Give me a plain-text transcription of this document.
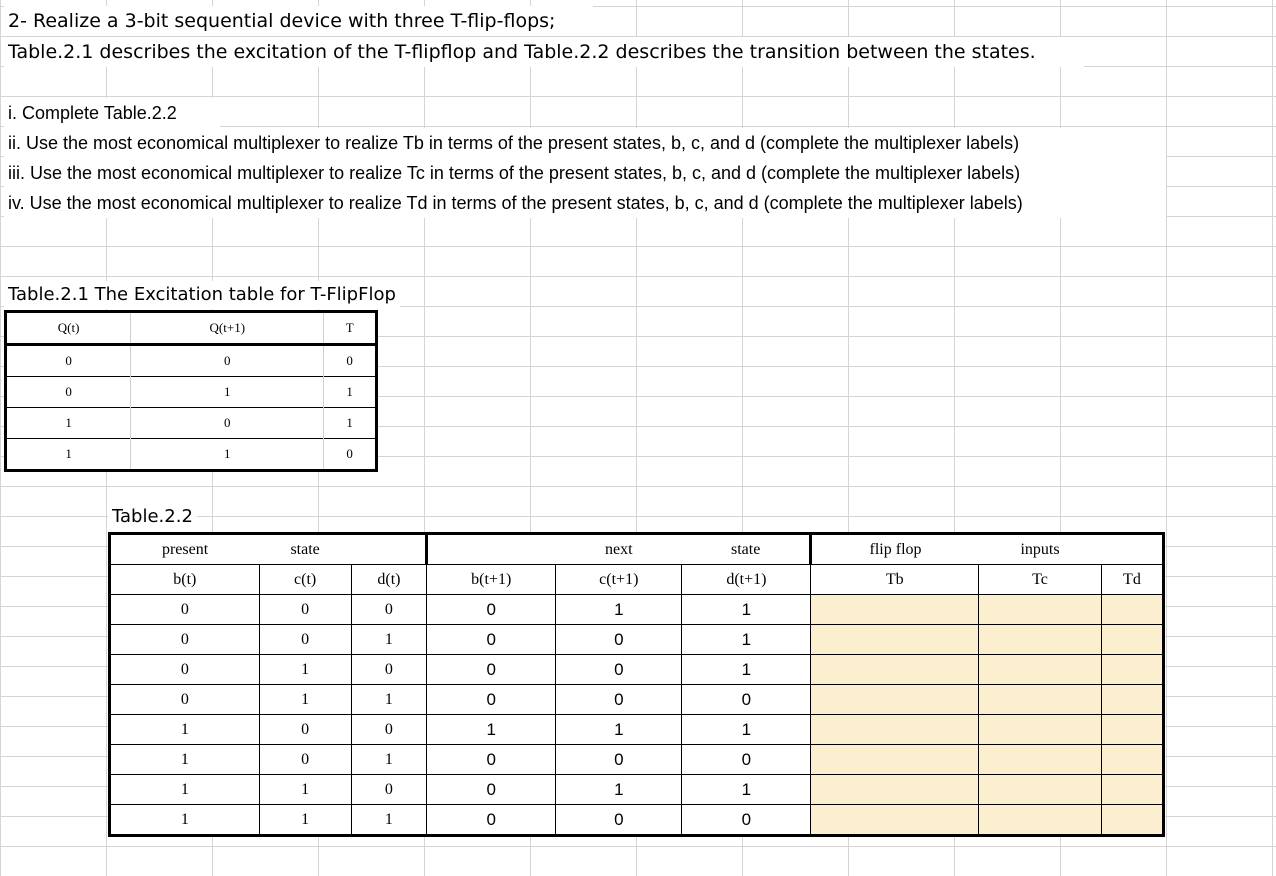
2- Realize a 3-bit sequential device with three T-flip-flops;
Table.2.1 describes the excitation of the T-flipflop and Table.2.2 describes the transition between the states.
i. Complete Table.2.2
ii. Use the most economical multiplexer to realize Tb in terms of the present states, b, c, and d (complete the multiplexer labels)
iii. Use the most economical multiplexer to realize Tc in terms of the present states, b, c, and d (complete the multiplexer labels)
iv. Use the most economical multiplexer to realize Td in terms of the present states, b, c, and d (complete the multiplexer labels)
Table.2.1 The Excitation table for T-FlipFlop
Q(t)	Q(t+1)	T
0	0	0
0	1	1
1	0	1
1	1	0
Table.2.2
present	state			next	state	flip flop	inputs	
b(t)	c(t)	d(t)	b(t+1)	c(t+1)	d(t+1)	Tb	Tc	Td
0	0	0	0	1	1			
0	0	1	0	0	1			
0	1	0	0	0	1			
0	1	1	0	0	0			
1	0	0	1	1	1			
1	0	1	0	0	0			
1	1	0	0	1	1			
1	1	1	0	0	0			
